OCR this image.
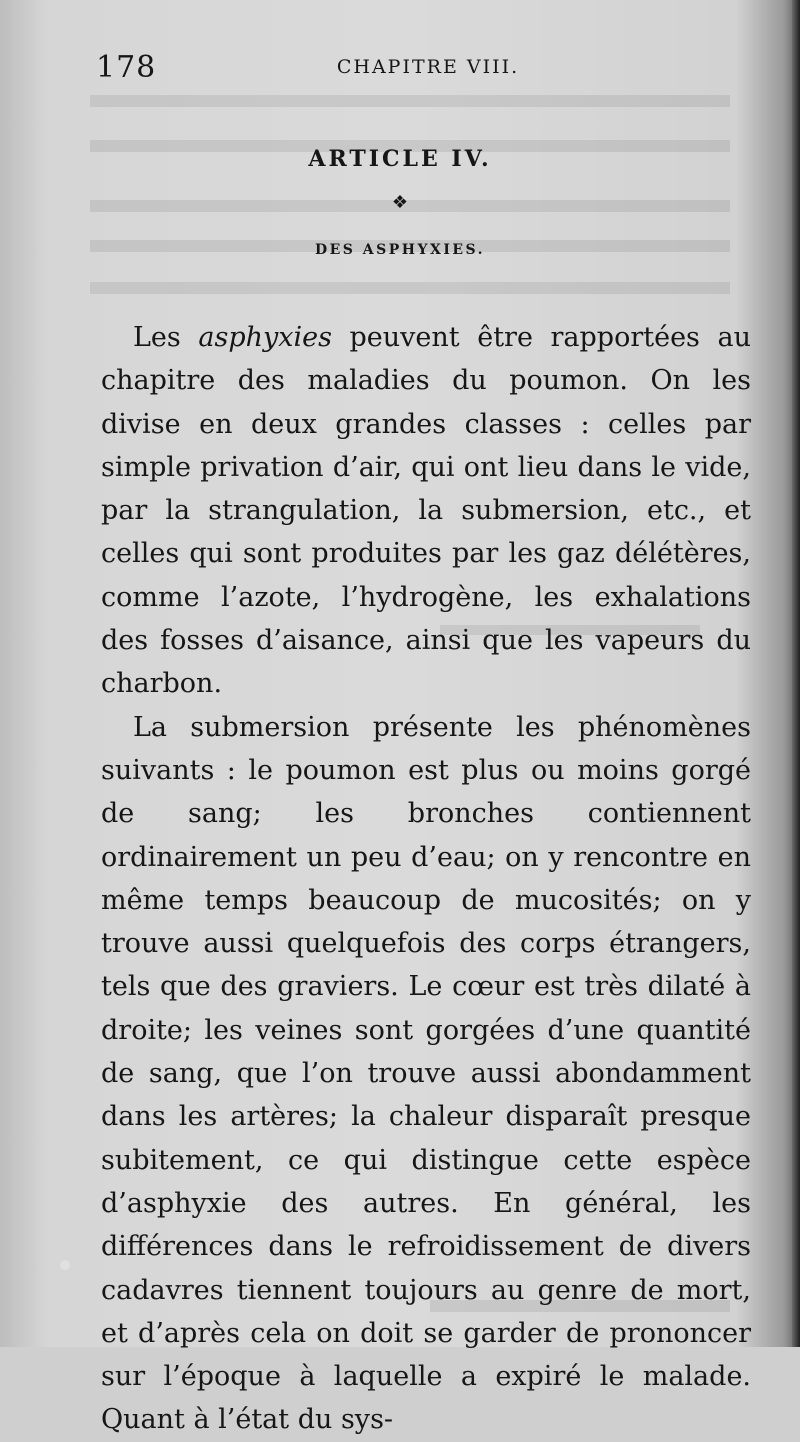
178	CHAPITRE VIII.
ARTICLE IV.
❖
DES ASPHYXIES.

Les asphyxies peuvent être rapportées au chapitre des maladies du poumon. On les divise en deux grandes classes : celles par simple privation d’air, qui ont lieu dans le vide, par la strangulation, la submersion, etc., et celles qui sont produites par les gaz délétères, comme l’azote, l’hydrogène, les exhalations des fosses d’aisance, ainsi que les vapeurs du charbon.

La submersion présente les phénomènes suivants : le poumon est plus ou moins gorgé de sang; les bronches contiennent ordinairement un peu d’eau; on y rencontre en même temps beaucoup de mucosités; on y trouve aussi quelquefois des corps étrangers, tels que des graviers. Le cœur est très dilaté à droite; les veines sont gorgées d’une quantité de sang, que l’on trouve aussi abondamment dans les artères; la chaleur disparaît presque subitement, ce qui distingue cette espèce d’asphyxie des autres. En général, les différences dans le refroidissement de divers cadavres tiennent toujours au genre de mort, et d’après cela on doit se garder de prononcer sur l’époque à laquelle a expiré le malade. Quant à l’état du sys-
